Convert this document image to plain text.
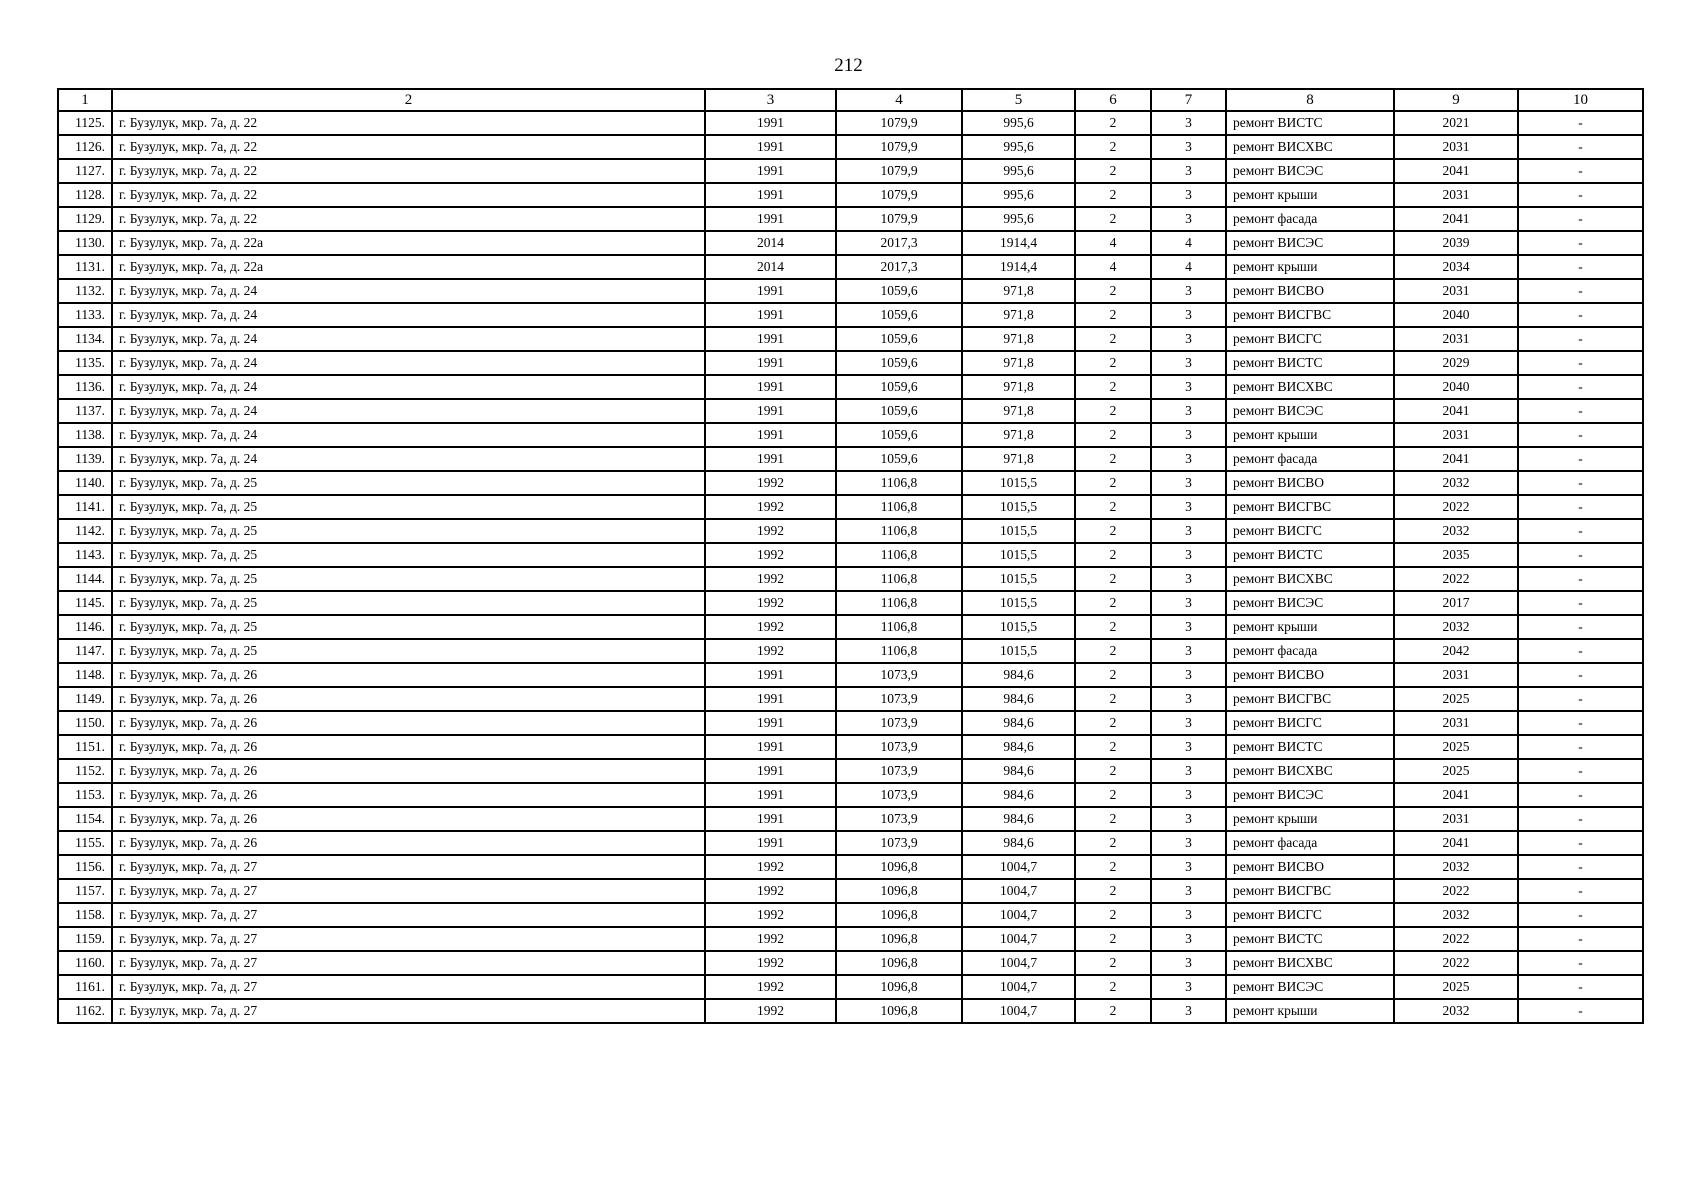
212
1	2	3	4	5	6	7	8	9	10
1125.	г. Бузулук, мкр. 7а, д. 22	1991	1079,9	995,6	2	3	ремонт ВИСТС	2021	-
1126.	г. Бузулук, мкр. 7а, д. 22	1991	1079,9	995,6	2	3	ремонт ВИСХВС	2031	-
1127.	г. Бузулук, мкр. 7а, д. 22	1991	1079,9	995,6	2	3	ремонт ВИСЭС	2041	-
1128.	г. Бузулук, мкр. 7а, д. 22	1991	1079,9	995,6	2	3	ремонт крыши	2031	-
1129.	г. Бузулук, мкр. 7а, д. 22	1991	1079,9	995,6	2	3	ремонт фасада	2041	-
1130.	г. Бузулук, мкр. 7а, д. 22а	2014	2017,3	1914,4	4	4	ремонт ВИСЭС	2039	-
1131.	г. Бузулук, мкр. 7а, д. 22а	2014	2017,3	1914,4	4	4	ремонт крыши	2034	-
1132.	г. Бузулук, мкр. 7а, д. 24	1991	1059,6	971,8	2	3	ремонт ВИСВО	2031	-
1133.	г. Бузулук, мкр. 7а, д. 24	1991	1059,6	971,8	2	3	ремонт ВИСГВС	2040	-
1134.	г. Бузулук, мкр. 7а, д. 24	1991	1059,6	971,8	2	3	ремонт ВИСГС	2031	-
1135.	г. Бузулук, мкр. 7а, д. 24	1991	1059,6	971,8	2	3	ремонт ВИСТС	2029	-
1136.	г. Бузулук, мкр. 7а, д. 24	1991	1059,6	971,8	2	3	ремонт ВИСХВС	2040	-
1137.	г. Бузулук, мкр. 7а, д. 24	1991	1059,6	971,8	2	3	ремонт ВИСЭС	2041	-
1138.	г. Бузулук, мкр. 7а, д. 24	1991	1059,6	971,8	2	3	ремонт крыши	2031	-
1139.	г. Бузулук, мкр. 7а, д. 24	1991	1059,6	971,8	2	3	ремонт фасада	2041	-
1140.	г. Бузулук, мкр. 7а, д. 25	1992	1106,8	1015,5	2	3	ремонт ВИСВО	2032	-
1141.	г. Бузулук, мкр. 7а, д. 25	1992	1106,8	1015,5	2	3	ремонт ВИСГВС	2022	-
1142.	г. Бузулук, мкр. 7а, д. 25	1992	1106,8	1015,5	2	3	ремонт ВИСГС	2032	-
1143.	г. Бузулук, мкр. 7а, д. 25	1992	1106,8	1015,5	2	3	ремонт ВИСТС	2035	-
1144.	г. Бузулук, мкр. 7а, д. 25	1992	1106,8	1015,5	2	3	ремонт ВИСХВС	2022	-
1145.	г. Бузулук, мкр. 7а, д. 25	1992	1106,8	1015,5	2	3	ремонт ВИСЭС	2017	-
1146.	г. Бузулук, мкр. 7а, д. 25	1992	1106,8	1015,5	2	3	ремонт крыши	2032	-
1147.	г. Бузулук, мкр. 7а, д. 25	1992	1106,8	1015,5	2	3	ремонт фасада	2042	-
1148.	г. Бузулук, мкр. 7а, д. 26	1991	1073,9	984,6	2	3	ремонт ВИСВО	2031	-
1149.	г. Бузулук, мкр. 7а, д. 26	1991	1073,9	984,6	2	3	ремонт ВИСГВС	2025	-
1150.	г. Бузулук, мкр. 7а, д. 26	1991	1073,9	984,6	2	3	ремонт ВИСГС	2031	-
1151.	г. Бузулук, мкр. 7а, д. 26	1991	1073,9	984,6	2	3	ремонт ВИСТС	2025	-
1152.	г. Бузулук, мкр. 7а, д. 26	1991	1073,9	984,6	2	3	ремонт ВИСХВС	2025	-
1153.	г. Бузулук, мкр. 7а, д. 26	1991	1073,9	984,6	2	3	ремонт ВИСЭС	2041	-
1154.	г. Бузулук, мкр. 7а, д. 26	1991	1073,9	984,6	2	3	ремонт крыши	2031	-
1155.	г. Бузулук, мкр. 7а, д. 26	1991	1073,9	984,6	2	3	ремонт фасада	2041	-
1156.	г. Бузулук, мкр. 7а, д. 27	1992	1096,8	1004,7	2	3	ремонт ВИСВО	2032	-
1157.	г. Бузулук, мкр. 7а, д. 27	1992	1096,8	1004,7	2	3	ремонт ВИСГВС	2022	-
1158.	г. Бузулук, мкр. 7а, д. 27	1992	1096,8	1004,7	2	3	ремонт ВИСГС	2032	-
1159.	г. Бузулук, мкр. 7а, д. 27	1992	1096,8	1004,7	2	3	ремонт ВИСТС	2022	-
1160.	г. Бузулук, мкр. 7а, д. 27	1992	1096,8	1004,7	2	3	ремонт ВИСХВС	2022	-
1161.	г. Бузулук, мкр. 7а, д. 27	1992	1096,8	1004,7	2	3	ремонт ВИСЭС	2025	-
1162.	г. Бузулук, мкр. 7а, д. 27	1992	1096,8	1004,7	2	3	ремонт крыши	2032	-
